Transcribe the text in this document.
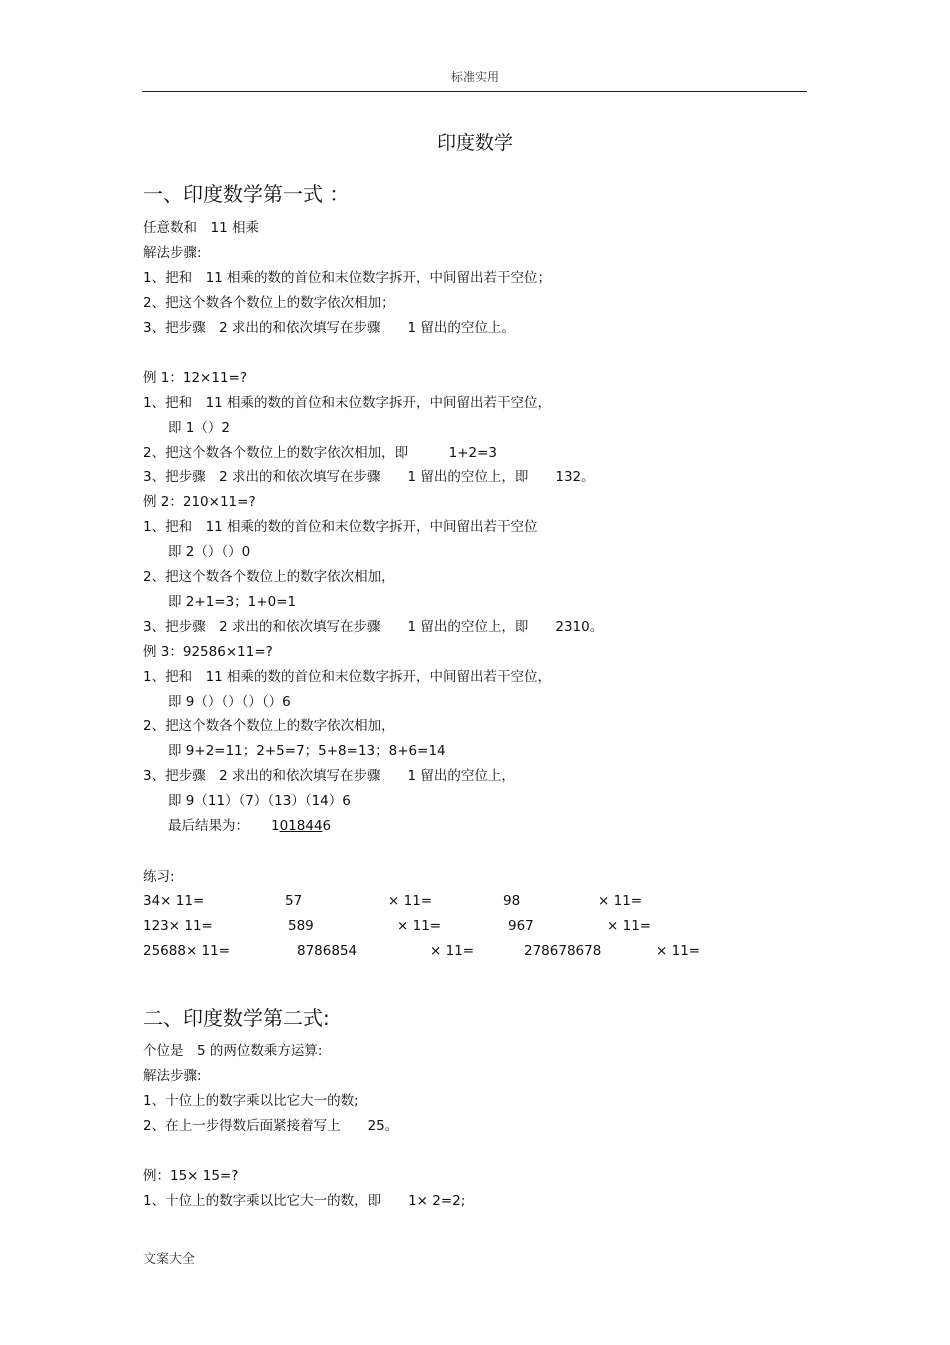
标准实用
印度数学
一、印度数学第一式 ：
任意数和　11 相乘
解法步骤:
1、把和　11 相乘的数的首位和末位数字拆开，中间留出若干空位；
2、把这个数各个数位上的数字依次相加；
3、把步骤　2 求出的和依次填写在步骤　　1 留出的空位上。
例 1：12×11=?
1、把和　11 相乘的数的首位和末位数字拆开，中间留出若干空位，
即 1（）2
2、把这个数各个数位上的数字依次相加，即　　　1+2=3
3、把步骤　2 求出的和依次填写在步骤　　1 留出的空位上，即　　132。
例 2：210×11=?
1、把和　11 相乘的数的首位和末位数字拆开，中间留出若干空位
即 2（）（）0
2、把这个数各个数位上的数字依次相加，
即 2+1=3；1+0=1
3、把步骤　2 求出的和依次填写在步骤　　1 留出的空位上，即　　2310。
例 3：92586×11=?
1、把和　11 相乘的数的首位和末位数字拆开，中间留出若干空位，
即 9（）（）（）（）6
2、把这个数各个数位上的数字依次相加，
即 9+2=11；2+5=7；5+8=13；8+6=14
3、把步骤　2 求出的和依次填写在步骤　　1 留出的空位上，
即 9（11）（7）（13）（14）6
最后结果为： 1018446
练习:
34× 11=	57	× 11=	98	× 11=
123× 11=	589	× 11=	967	× 11=
25688× 11=	8786854	× 11=	278678678	× 11=
二、印度数学第二式:
个位是　5 的两位数乘方运算:
解法步骤:
1、十位上的数字乘以比它大一的数;
2、在上一步得数后面紧接着写上　　25。
例：15× 15=?
1、十位上的数字乘以比它大一的数，即　　1× 2=2;
文案大全
